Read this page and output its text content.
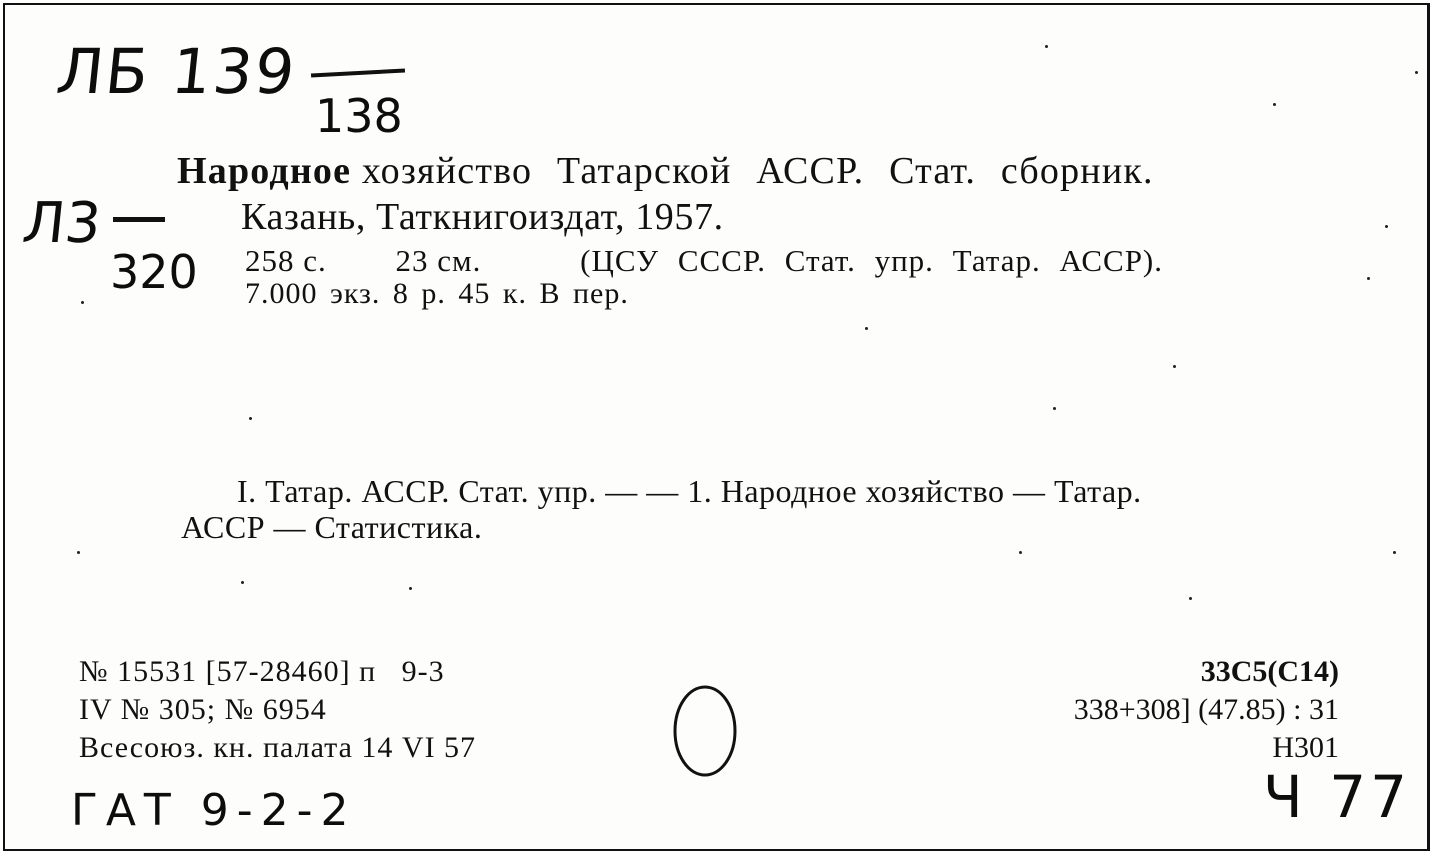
ЛБ 139
138
Л3
320
Народное хозяйство Татарской АССР. Стат. сборник.
Казань, Таткнигоиздат, 1957.
258 с. 23 см.	(ЦСУ СССР. Стат. упр. Татар. АССР).
7.000 экз. 8 р. 45 к. В пер.
I. Татар. АССР. Стат. упр. — — 1. Народное хозяйство — Татар.
АССР — Статистика.
№ 15531 [57-28460] п   9-3
IV № 305; № 6954
Всесоюз. кн. палата 14 VI 57
33С5(С14)
338+308] (47.85) : 31
Н301
ГАТ 9-2-2	Ч 77
